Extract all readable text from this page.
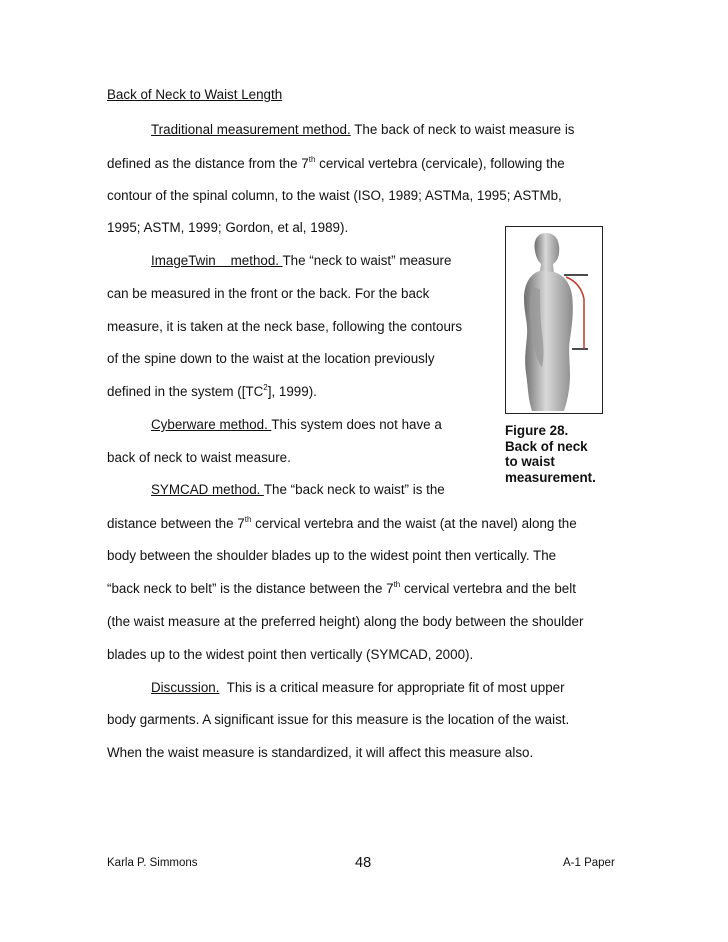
Back of Neck to Waist Length
Traditional measurement method. The back of neck to waist measure is
defined as the distance from the 7th cervical vertebra (cervicale), following the
contour of the spinal column, to the waist (ISO, 1989; ASTMa, 1995; ASTMb,
1995; ASTM, 1999; Gordon, et al, 1989).
ImageTwin    method. The “neck to waist” measure
can be measured in the front or the back. For the back
measure, it is taken at the neck base, following the contours
of the spine down to the waist at the location previously
defined in the system ($[TC^2]$, 1999).
Cyberware method. This system does not have a
back of neck to waist measure.
SYMCAD method. The “back neck to waist” is the
distance between the 7th cervical vertebra and the waist (at the navel) along the
body between the shoulder blades up to the widest point then vertically. The
“back neck to belt” is the distance between the 7th cervical vertebra and the belt
(the waist measure at the preferred height) along the body between the shoulder
blades up to the widest point then vertically (SYMCAD, 2000).
Discussion.  This is a critical measure for appropriate fit of most upper
body garments. A significant issue for this measure is the location of the waist.
When the waist measure is standardized, it will affect this measure also.
Figure 28.
Back of neck
to waist
measurement.
Karla P. Simmons	48	A-1 Paper
